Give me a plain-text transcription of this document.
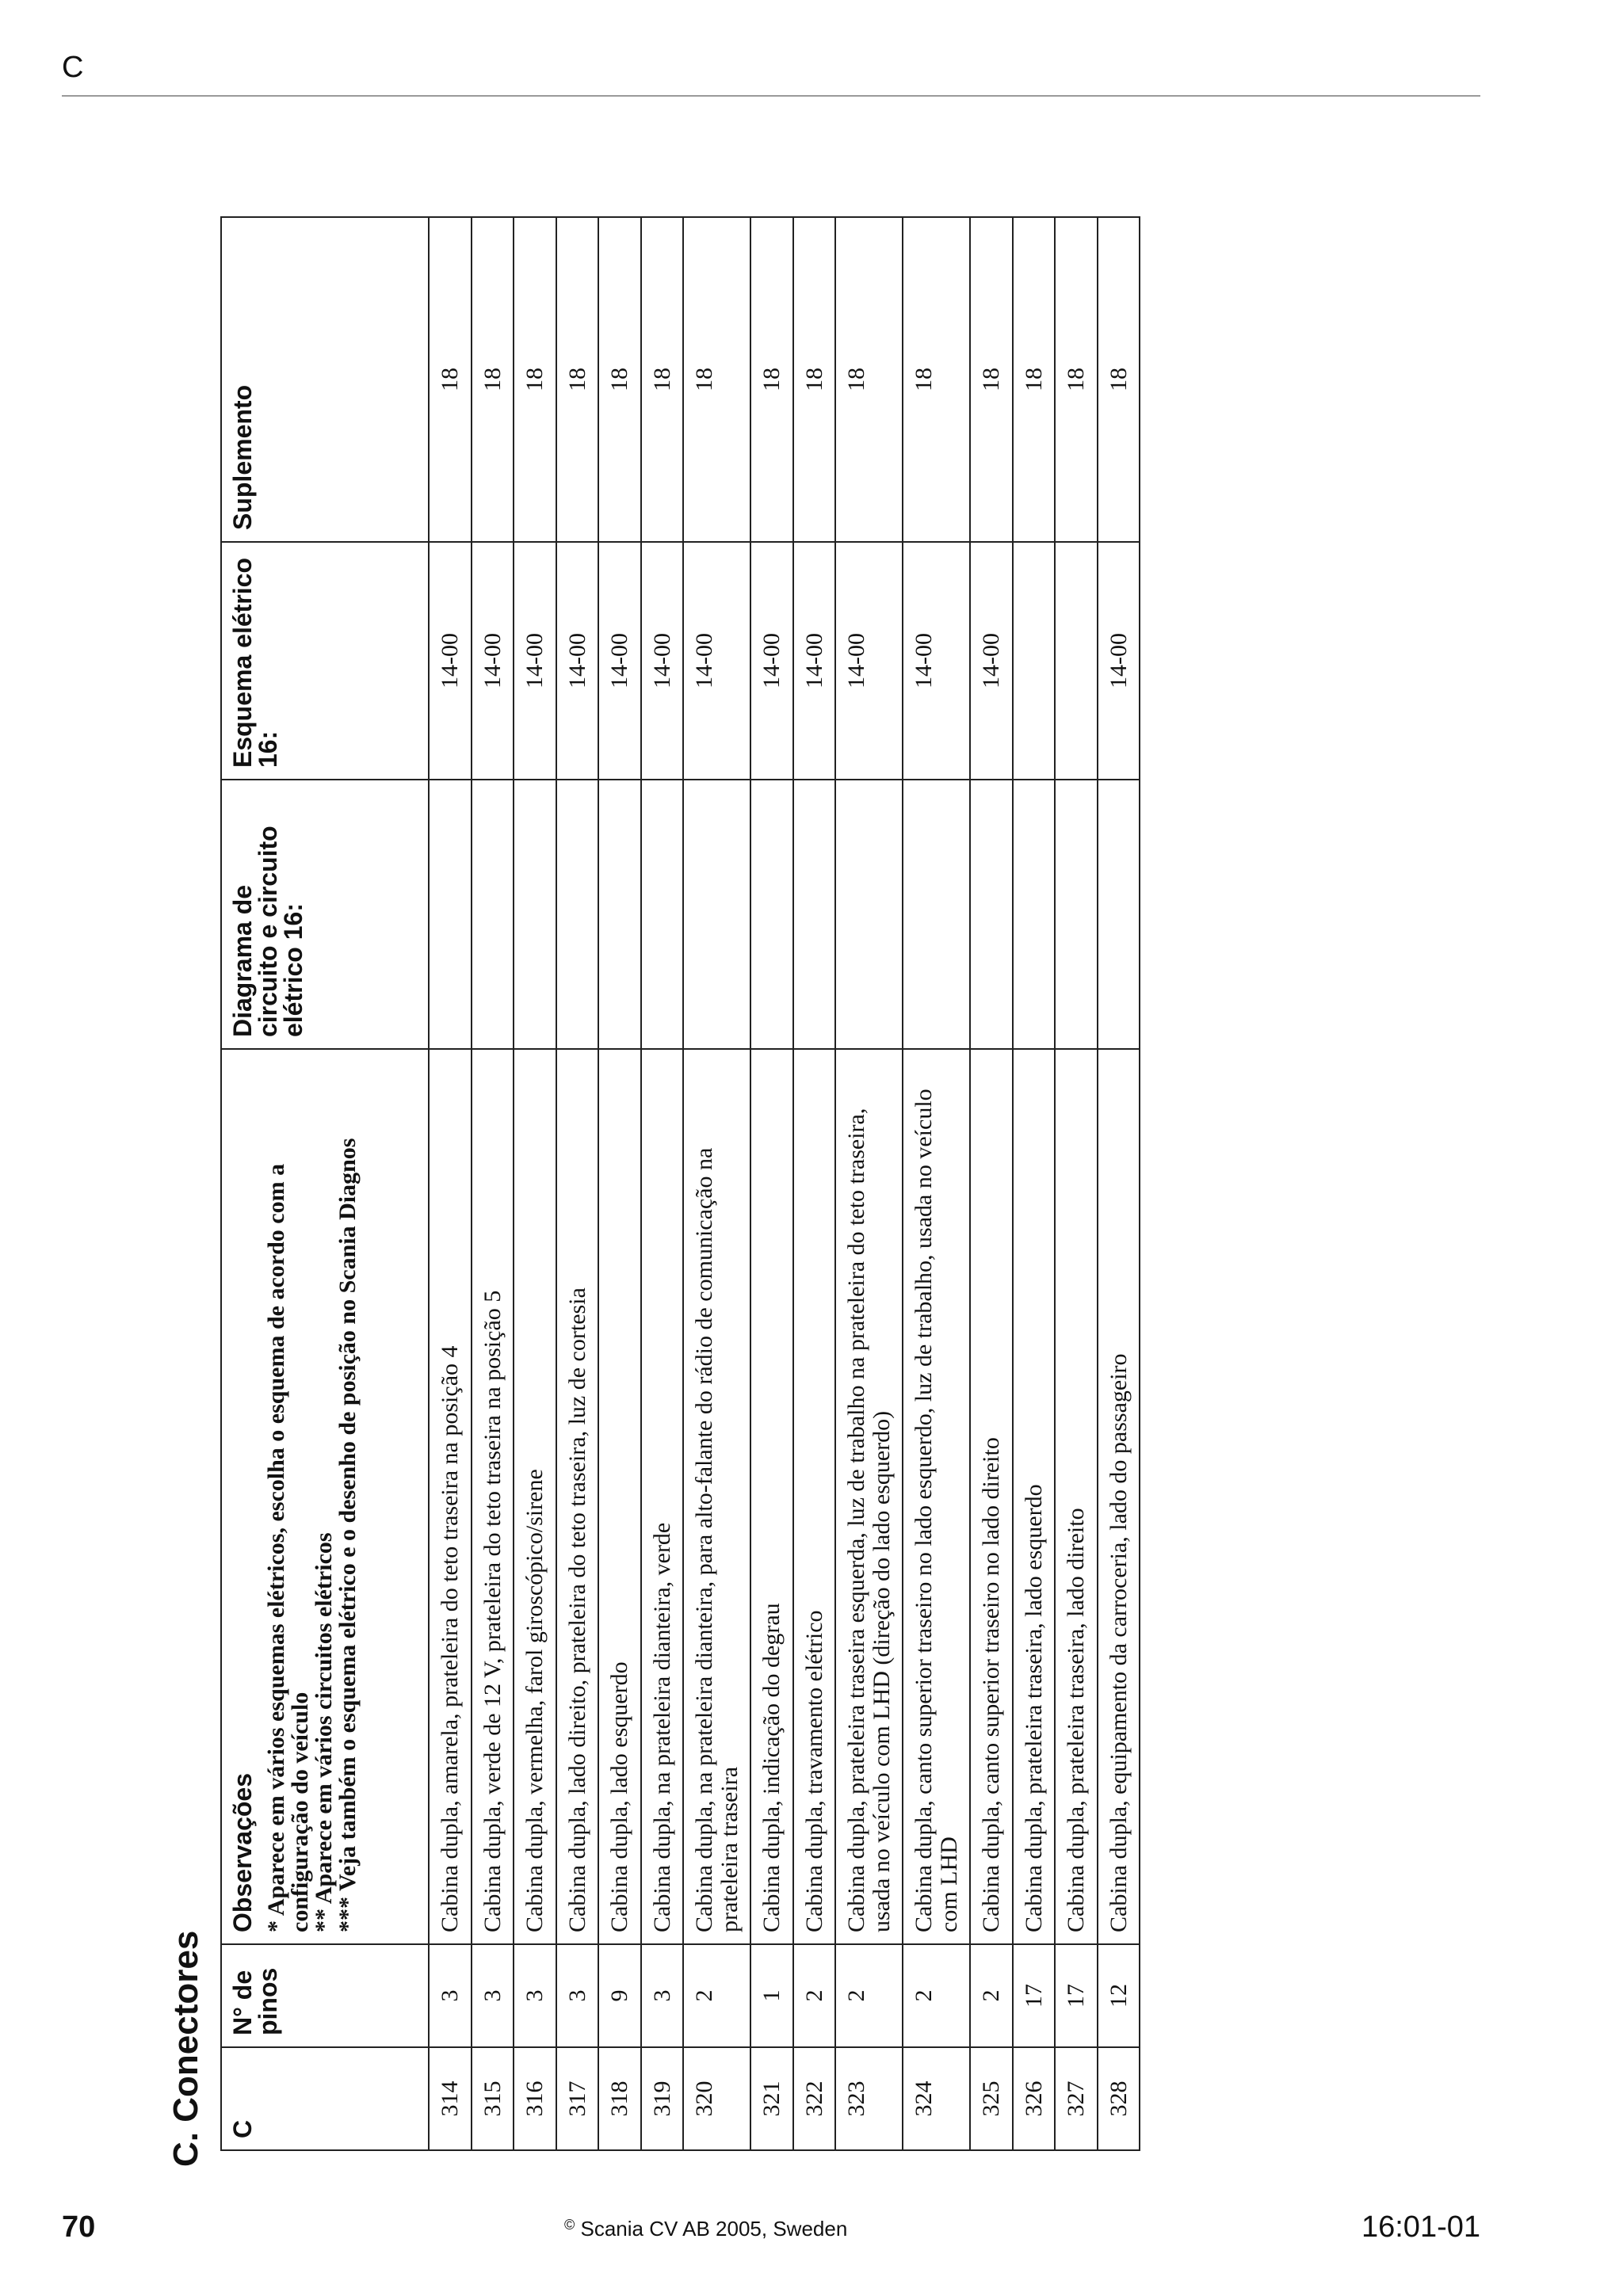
C
C. Conectores C	N° de pinos	Observações * Aparece em vários esquemas elétricos, escolha o esquema de acordo com a configuração do veículo
** Aparece em vários circuitos elétricos
*** Veja também o esquema elétrico e o desenho de posição no Scania Diagnos	Diagrama de circuito e circuito elétrico 16:	Esquema elétrico 16:	Suplemento
314	3	Cabina dupla, amarela, prateleira do teto traseira na posição 4		14-00	18
315	3	Cabina dupla, verde de 12 V, prateleira do teto traseira na posição 5		14-00	18
316	3	Cabina dupla, vermelha, farol giroscópico/sirene		14-00	18
317	3	Cabina dupla, lado direito, prateleira do teto traseira, luz de cortesia		14-00	18
318	9	Cabina dupla, lado esquerdo		14-00	18
319	3	Cabina dupla, na prateleira dianteira, verde		14-00	18
320	2	Cabina dupla, na prateleira dianteira, para alto-falante do rádio de comunicação na prateleira traseira		14-00	18
321	1	Cabina dupla, indicação do degrau		14-00	18
322	2	Cabina dupla, travamento elétrico		14-00	18
323	2	Cabina dupla, prateleira traseira esquerda, luz de trabalho na prateleira do teto traseira, usada no veículo com LHD (direção do lado esquerdo)		14-00	18
324	2	Cabina dupla, canto superior traseiro no lado esquerdo, luz de trabalho, usada no veículo com LHD		14-00	18
325	2	Cabina dupla, canto superior traseiro no lado direito		14-00	18
326	17	Cabina dupla, prateleira traseira, lado esquerdo			18
327	17	Cabina dupla, prateleira traseira, lado direito			18
328	12	Cabina dupla, equipamento da carroceria, lado do passageiro		14-00	18
70	© Scania CV AB 2005, Sweden	16:01-01
